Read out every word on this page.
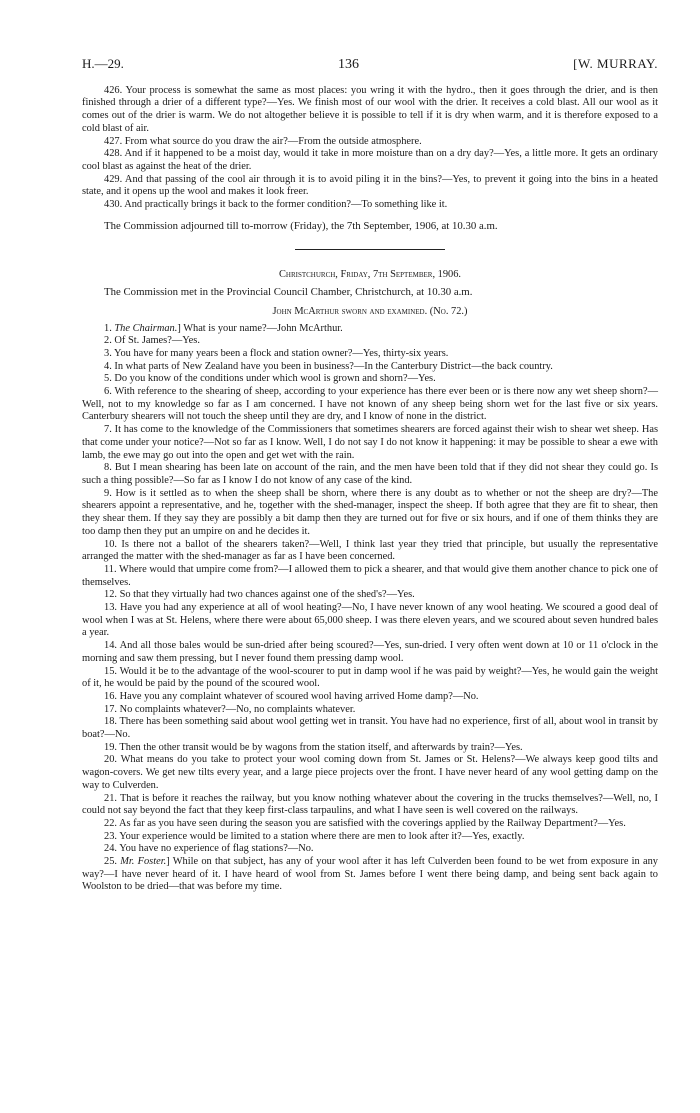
H.—29.	136	[W. MURRAY.

426. Your process is somewhat the same as most places: you wring it with the hydro., then it goes through the drier, and is then finished through a drier of a different type?—Yes. We finish most of our wool with the drier. It receives a cold blast. All our wool as it comes out of the drier is warm. We do not altogether believe it is possible to tell if it is dry when warm, and it is therefore exposed to a cold blast of air.

427. From what source do you draw the air?—From the outside atmosphere.

428. And if it happened to be a moist day, would it take in more moisture than on a dry day?—Yes, a little more. It gets an ordinary cool blast as against the heat of the drier.

429. And that passing of the cool air through it is to avoid piling it in the bins?—Yes, to prevent it going into the bins in a heated state, and it opens up the wool and makes it look freer.

430. And practically brings it back to the former condition?—To something like it.

The Commission adjourned till to-morrow (Friday), the 7th September, 1906, at 10.30 a.m.

Christchurch, Friday, 7th September, 1906.

The Commission met in the Provincial Council Chamber, Christchurch, at 10.30 a.m.

John McArthur sworn and examined. (No. 72.)

1. The Chairman.] What is your name?—John McArthur.

2. Of St. James?—Yes.

3. You have for many years been a flock and station owner?—Yes, thirty-six years.

4. In what parts of New Zealand have you been in business?—In the Canterbury District—the back country.

5. Do you know of the conditions under which wool is grown and shorn?—Yes.

6. With reference to the shearing of sheep, according to your experience has there ever been or is there now any wet sheep shorn?—Well, not to my knowledge so far as I am concerned. I have not known of any sheep being shorn wet for the last five or six years. Canterbury shearers will not touch the sheep until they are dry, and I know of none in the district.

7. It has come to the knowledge of the Commissioners that sometimes shearers are forced against their wish to shear wet sheep. Has that come under your notice?—Not so far as I know. Well, I do not say I do not know it happening: it may be possible to shear a ewe with lamb, the ewe may go out into the open and get wet with the rain.

8. But I mean shearing has been late on account of the rain, and the men have been told that if they did not shear they could go. Is such a thing possible?—So far as I know I do not know of any case of the kind.

9. How is it settled as to when the sheep shall be shorn, where there is any doubt as to whether or not the sheep are dry?—The shearers appoint a representative, and he, together with the shed-manager, inspect the sheep. If both agree that they are fit to shear, then they shear them. If they say they are possibly a bit damp then they are turned out for five or six hours, and if one of them thinks they are too damp then they put an umpire on and he decides it.

10. Is there not a ballot of the shearers taken?—Well, I think last year they tried that principle, but usually the representative arranged the matter with the shed-manager as far as I have been concerned.

11. Where would that umpire come from?—I allowed them to pick a shearer, and that would give them another chance to pick one of themselves.

12. So that they virtually had two chances against one of the shed's?—Yes.

13. Have you had any experience at all of wool heating?—No, I have never known of any wool heating. We scoured a good deal of wool when I was at St. Helens, where there were about 65,000 sheep. I was there eleven years, and we scoured about seven hundred bales a year.

14. And all those bales would be sun-dried after being scoured?—Yes, sun-dried. I very often went down at 10 or 11 o'clock in the morning and saw them pressing, but I never found them pressing damp wool.

15. Would it be to the advantage of the wool-scourer to put in damp wool if he was paid by weight?—Yes, he would gain the weight of it, he would be paid by the pound of the scoured wool.

16. Have you any complaint whatever of scoured wool having arrived Home damp?—No.

17. No complaints whatever?—No, no complaints whatever.

18. There has been something said about wool getting wet in transit. You have had no experience, first of all, about wool in transit by boat?—No.

19. Then the other transit would be by wagons from the station itself, and afterwards by train?—Yes.

20. What means do you take to protect your wool coming down from St. James or St. Helens?—We always keep good tilts and wagon-covers. We get new tilts every year, and a large piece projects over the front. I have never heard of any wool getting damp on the way to Culverden.

21. That is before it reaches the railway, but you know nothing whatever about the covering in the trucks themselves?—Well, no, I could not say beyond the fact that they keep first-class tarpaulins, and what I have seen is well covered on the railways.

22. As far as you have seen during the season you are satisfied with the coverings applied by the Railway Department?—Yes.

23. Your experience would be limited to a station where there are men to look after it?—Yes, exactly.

24. You have no experience of flag stations?—No.

25. Mr. Foster.] While on that subject, has any of your wool after it has left Culverden been found to be wet from exposure in any way?—I have never heard of it. I have heard of wool from St. James before I went there being damp, and being sent back again to Woolston to be dried—that was before my time.
